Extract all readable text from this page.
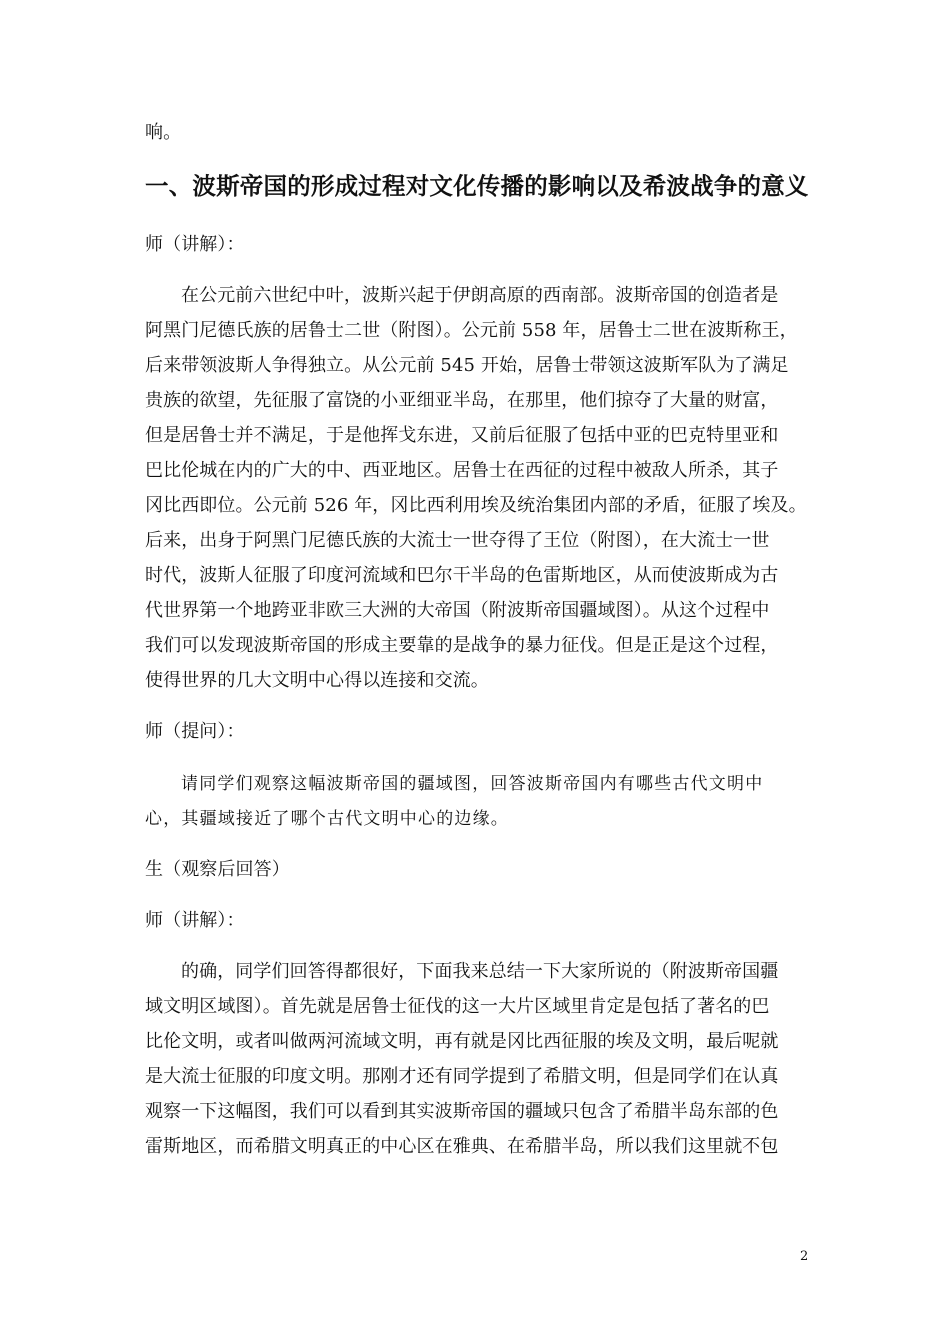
响。

一、波斯帝国的形成过程对文化传播的影响以及希波战争的意义

师（讲解）：

在公元前六世纪中叶，波斯兴起于伊朗高原的西南部。波斯帝国的创造者是

阿黑门尼德氏族的居鲁士二世（附图）。公元前 558 年，居鲁士二世在波斯称王，

后来带领波斯人争得独立。从公元前 545 开始，居鲁士带领这波斯军队为了满足

贵族的欲望，先征服了富饶的小亚细亚半岛，在那里，他们掠夺了大量的财富，

但是居鲁士并不满足，于是他挥戈东进，又前后征服了包括中亚的巴克特里亚和

巴比伦城在内的广大的中、西亚地区。居鲁士在西征的过程中被敌人所杀，其子

冈比西即位。公元前 526 年，冈比西利用埃及统治集团内部的矛盾，征服了埃及。

后来，出身于阿黑门尼德氏族的大流士一世夺得了王位（附图），在大流士一世

时代，波斯人征服了印度河流域和巴尔干半岛的色雷斯地区，从而使波斯成为古

代世界第一个地跨亚非欧三大洲的大帝国（附波斯帝国疆域图）。从这个过程中

我们可以发现波斯帝国的形成主要靠的是战争的暴力征伐。但是正是这个过程，

使得世界的几大文明中心得以连接和交流。

师（提问）：

请同学们观察这幅波斯帝国的疆域图，回答波斯帝国内有哪些古代文明中

心，其疆域接近了哪个古代文明中心的边缘。

生（观察后回答）

师（讲解）：

的确，同学们回答得都很好，下面我来总结一下大家所说的（附波斯帝国疆

域文明区域图）。首先就是居鲁士征伐的这一大片区域里肯定是包括了著名的巴

比伦文明，或者叫做两河流域文明，再有就是冈比西征服的埃及文明，最后呢就

是大流士征服的印度文明。那刚才还有同学提到了希腊文明，但是同学们在认真

观察一下这幅图，我们可以看到其实波斯帝国的疆域只包含了希腊半岛东部的色

雷斯地区，而希腊文明真正的中心区在雅典、在希腊半岛，所以我们这里就不包

2
